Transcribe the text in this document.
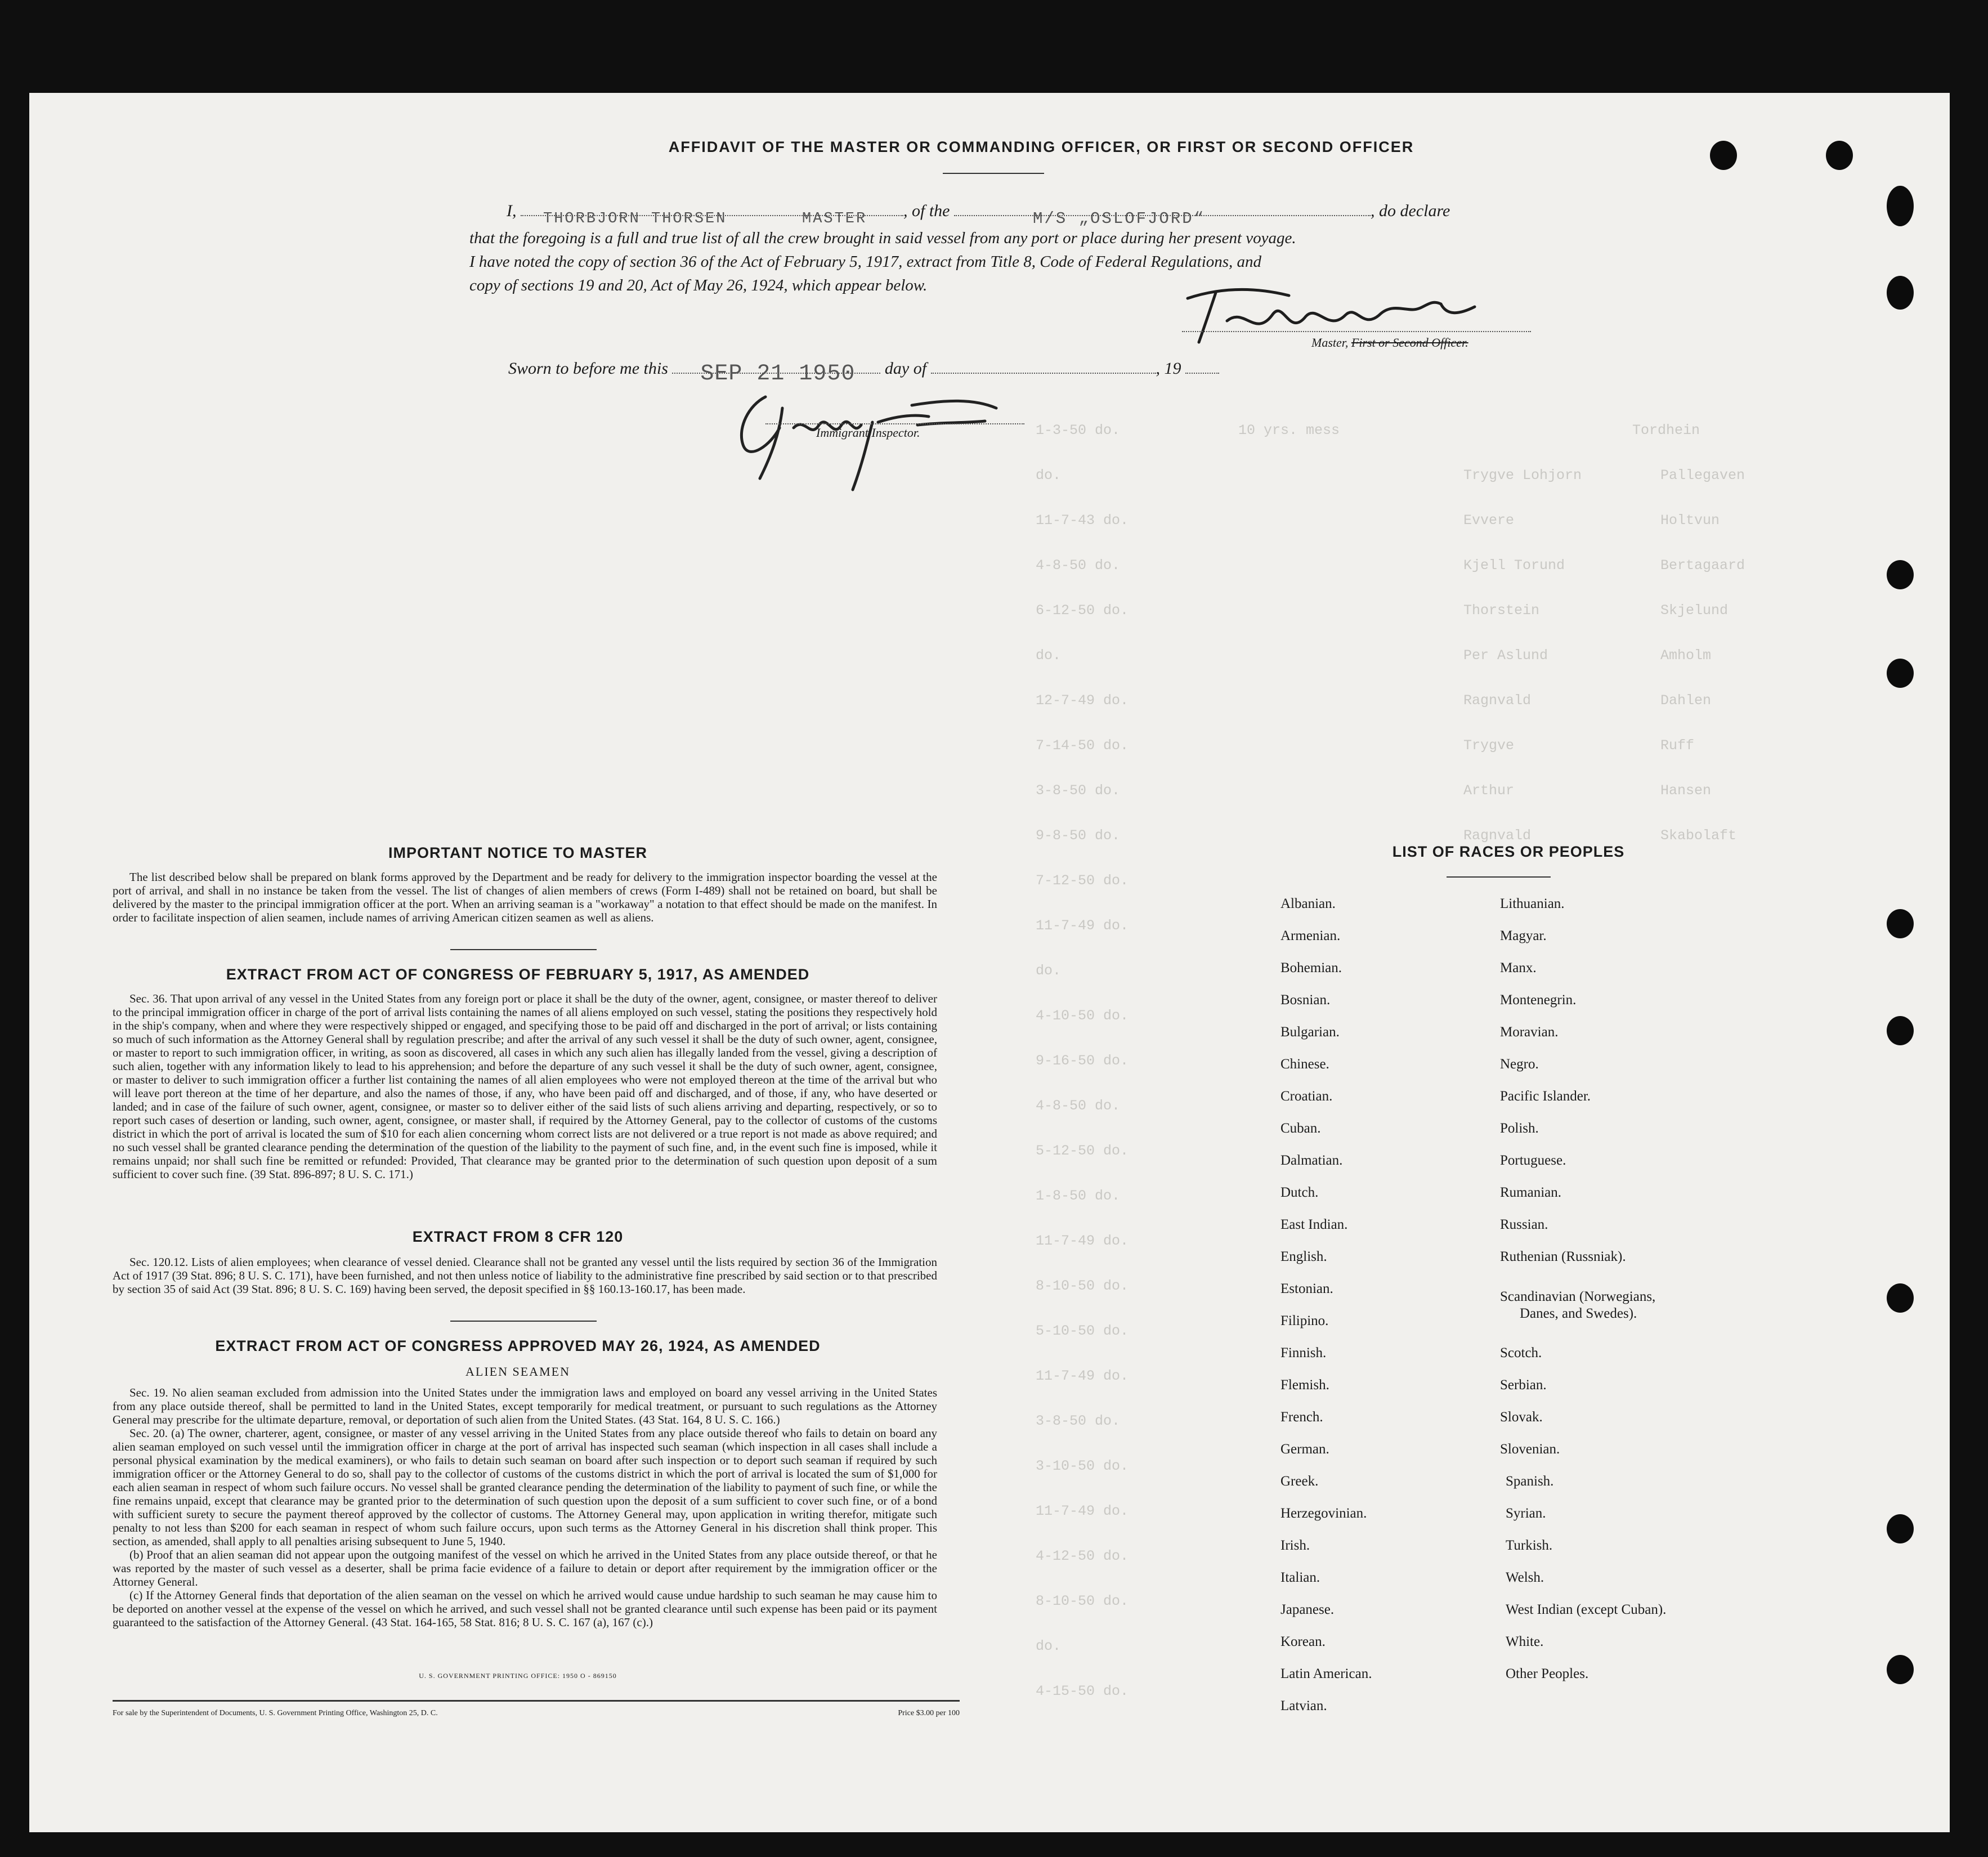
1-3-50 do.	10 yrs. mess	Tordhein
do.	Trygve Lohjorn	Pallegaven
11-7-43 do.	Evvere	Holtvun
4-8-50 do.	Kjell Torund	Bertagaard
6-12-50 do.	Thorstein	Skjelund
do.	Per Aslund	Amholm
12-7-49 do.	Ragnvald	Dahlen
7-14-50 do.	Trygve	Ruff
3-8-50 do.	Arthur	Hansen
9-8-50 do.	Ragnvald	Skabolaft
7-12-50 do.
11-7-49 do.
do.
4-10-50 do.
9-16-50 do.
4-8-50 do.
5-12-50 do.
1-8-50 do.
11-7-49 do.
8-10-50 do.
5-10-50 do.
11-7-49 do.
3-8-50 do.
3-10-50 do.
11-7-49 do.
4-12-50 do.
8-10-50 do.
do.
4-15-50 do.
AFFIDAVIT OF THE MASTER OR COMMANDING OFFICER, OR FIRST OR SECOND OFFICER
I, THORBJORN THORSEN	MASTER , of the	M/S „OSLOFJORD“	, do declare
that the foregoing is a full and true list of all the crew brought in said vessel from any port or place during her present voyage.
I have noted the copy of section 36 of the Act of February 5, 1917, extract from Title 8, Code of Federal Regulations, and
copy of sections 19 and 20, Act of May 26, 1924, which appear below.
Master, First or Second Officer.
Sworn to before me this SEP 21 1950 day of	, 19
Immigrant Inspector.
IMPORTANT NOTICE TO MASTER
The list described below shall be prepared on blank forms approved by the Department and be ready for delivery to the immigration inspector boarding the vessel at the port of arrival, and shall in no instance be taken from the vessel. The list of changes of alien members of crews (Form I-489) shall not be retained on board, but shall be delivered by the master to the principal immigration officer at the port. When an arriving seaman is a "workaway" a notation to that effect should be made on the manifest. In order to facilitate inspection of alien seamen, include names of arriving American citizen seamen as well as aliens.
EXTRACT FROM ACT OF CONGRESS OF FEBRUARY 5, 1917, AS AMENDED
Sec. 36. That upon arrival of any vessel in the United States from any foreign port or place it shall be the duty of the owner, agent, consignee, or master thereof to deliver to the principal immigration officer in charge of the port of arrival lists containing the names of all aliens employed on such vessel, stating the positions they respectively hold in the ship's company, when and where they were respectively shipped or engaged, and specifying those to be paid off and discharged in the port of arrival; or lists containing so much of such information as the Attorney General shall by regulation prescribe; and after the arrival of any such vessel it shall be the duty of such owner, agent, consignee, or master to report to such immigration officer, in writing, as soon as discovered, all cases in which any such alien has illegally landed from the vessel, giving a description of such alien, together with any information likely to lead to his apprehension; and before the departure of any such vessel it shall be the duty of such owner, agent, consignee, or master to deliver to such immigration officer a further list containing the names of all alien employees who were not employed thereon at the time of the arrival but who will leave port thereon at the time of her departure, and also the names of those, if any, who have been paid off and discharged, and of those, if any, who have deserted or landed; and in case of the failure of such owner, agent, consignee, or master so to deliver either of the said lists of such aliens arriving and departing, respectively, or so to report such cases of desertion or landing, such owner, agent, consignee, or master shall, if required by the Attorney General, pay to the collector of customs of the customs district in which the port of arrival is located the sum of $10 for each alien concerning whom correct lists are not delivered or a true report is not made as above required; and no such vessel shall be granted clearance pending the determination of the question of the liability to the payment of such fine, and, in the event such fine is imposed, while it remains unpaid; nor shall such fine be remitted or refunded: Provided, That clearance may be granted prior to the determination of such question upon deposit of a sum sufficient to cover such fine. (39 Stat. 896-897; 8 U. S. C. 171.)
EXTRACT FROM 8 CFR 120
Sec. 120.12. Lists of alien employees; when clearance of vessel denied. Clearance shall not be granted any vessel until the lists required by section 36 of the Immigration Act of 1917 (39 Stat. 896; 8 U. S. C. 171), have been furnished, and not then unless notice of liability to the administrative fine prescribed by said section or to that prescribed by section 35 of said Act (39 Stat. 896; 8 U. S. C. 169) having been served, the deposit specified in §§ 160.13-160.17, has been made.
EXTRACT FROM ACT OF CONGRESS APPROVED MAY 26, 1924, AS AMENDED
ALIEN SEAMEN
Sec. 19. No alien seaman excluded from admission into the United States under the immigration laws and employed on board any vessel arriving in the United States from any place outside thereof, shall be permitted to land in the United States, except temporarily for medical treatment, or pursuant to such regulations as the Attorney General may prescribe for the ultimate departure, removal, or deportation of such alien from the United States. (43 Stat. 164, 8 U. S. C. 166.)
Sec. 20. (a) The owner, charterer, agent, consignee, or master of any vessel arriving in the United States from any place outside thereof who fails to detain on board any alien seaman employed on such vessel until the immigration officer in charge at the port of arrival has inspected such seaman (which inspection in all cases shall include a personal physical examination by the medical examiners), or who fails to detain such seaman on board after such inspection or to deport such seaman if required by such immigration officer or the Attorney General to do so, shall pay to the collector of customs of the customs district in which the port of arrival is located the sum of $1,000 for each alien seaman in respect of whom such failure occurs. No vessel shall be granted clearance pending the determination of the liability to payment of such fine, or while the fine remains unpaid, except that clearance may be granted prior to the determination of such question upon the deposit of a sum sufficient to cover such fine, or of a bond with sufficient surety to secure the payment thereof approved by the collector of customs. The Attorney General may, upon application in writing therefor, mitigate such penalty to not less than $200 for each seaman in respect of whom such failure occurs, upon such terms as the Attorney General in his discretion shall think proper. This section, as amended, shall apply to all penalties arising subsequent to June 5, 1940.
(b) Proof that an alien seaman did not appear upon the outgoing manifest of the vessel on which he arrived in the United States from any place outside thereof, or that he was reported by the master of such vessel as a deserter, shall be prima facie evidence of a failure to detain or deport after requirement by the immigration officer or the Attorney General.
(c) If the Attorney General finds that deportation of the alien seaman on the vessel on which he arrived would cause undue hardship to such seaman he may cause him to be deported on another vessel at the expense of the vessel on which he arrived, and such vessel shall not be granted clearance until such expense has been paid or its payment guaranteed to the satisfaction of the Attorney General. (43 Stat. 164-165, 58 Stat. 816; 8 U. S. C. 167 (a), 167 (c).)
U. S. GOVERNMENT PRINTING OFFICE: 1950 O - 869150
For sale by the Superintendent of Documents, U. S. Government Printing Office, Washington 25, D. C.	Price $3.00 per 100
LIST OF RACES OR PEOPLES
Albanian.
Armenian.
Bohemian.
Bosnian.
Bulgarian.
Chinese.
Croatian.
Cuban.
Dalmatian.
Dutch.
East Indian.
English.
Estonian.
Filipino.
Finnish.
Flemish.
French.
German.
Greek.
Herzegovinian.
Irish.
Italian.
Japanese.
Korean.
Latin American.
Latvian.
Lithuanian.
Magyar.
Manx.
Montenegrin.
Moravian.
Negro.
Pacific Islander.
Polish.
Portuguese.
Rumanian.
Russian.
Ruthenian (Russniak).
Scandinavian (Norwegians,
Danes, and Swedes).
Scotch.
Serbian.
Slovak.
Slovenian.
Spanish.
Syrian.
Turkish.
Welsh.
West Indian (except Cuban).
White.
Other Peoples.
